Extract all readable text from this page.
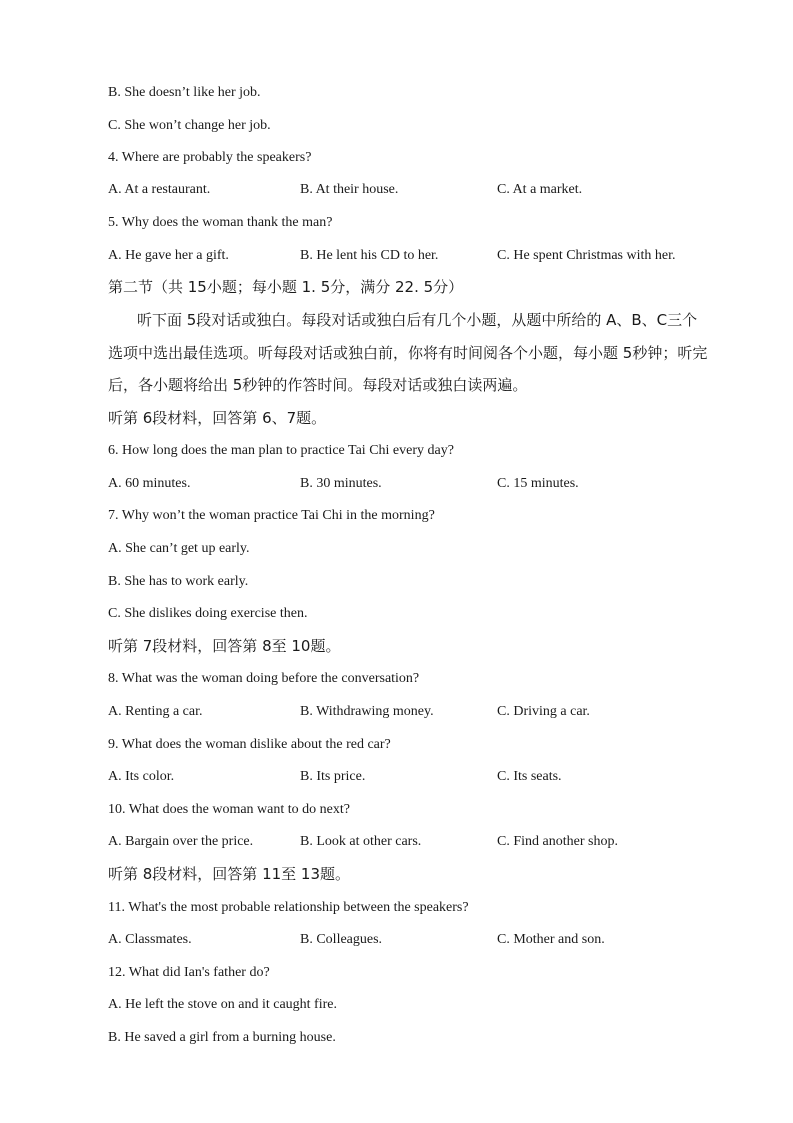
B. She doesn’t like her job.
C. She won’t change her job.
4. Where are probably the speakers?
A. At a restaurant.	B. At their house.	C. At a market.
5. Why does the woman thank the man?
A. He gave her a gift.	B. He lent his CD to her.	C. He spent Christmas with her.
第二节（共 15小题；每小题 1. 5分，满分 22. 5分）
听下面 5段对话或独白。每段对话或独白后有几个小题，从题中所给的 A、B、C三个
选项中选出最佳选项。听每段对话或独白前，你将有时间阅各个小题，每小题 5秒钟；听完
后，各小题将给出 5秒钟的作答时间。每段对话或独白读两遍。
听第 6段材料，回答第 6、7题。
6. How long does the man plan to practice Tai Chi every day?
A. 60 minutes.	B. 30 minutes.	C. 15 minutes.
7. Why won’t the woman practice Tai Chi in the morning?
A. She can’t get up early.
B. She has to work early.
C. She dislikes doing exercise then.
听第 7段材料，回答第 8至 10题。
8. What was the woman doing before the conversation?
A. Renting a car.	B. Withdrawing money.	C. Driving a car.
9. What does the woman dislike about the red car?
A. Its color.	B. Its price.	C. Its seats.
10. What does the woman want to do next?
A. Bargain over the price.	B. Look at other cars.	C. Find another shop.
听第 8段材料，回答第 11至 13题。
11. What's the most probable relationship between the speakers?
A. Classmates.	B. Colleagues.	C. Mother and son.
12. What did Ian's father do?
A. He left the stove on and it caught fire.
B. He saved a girl from a burning house.
